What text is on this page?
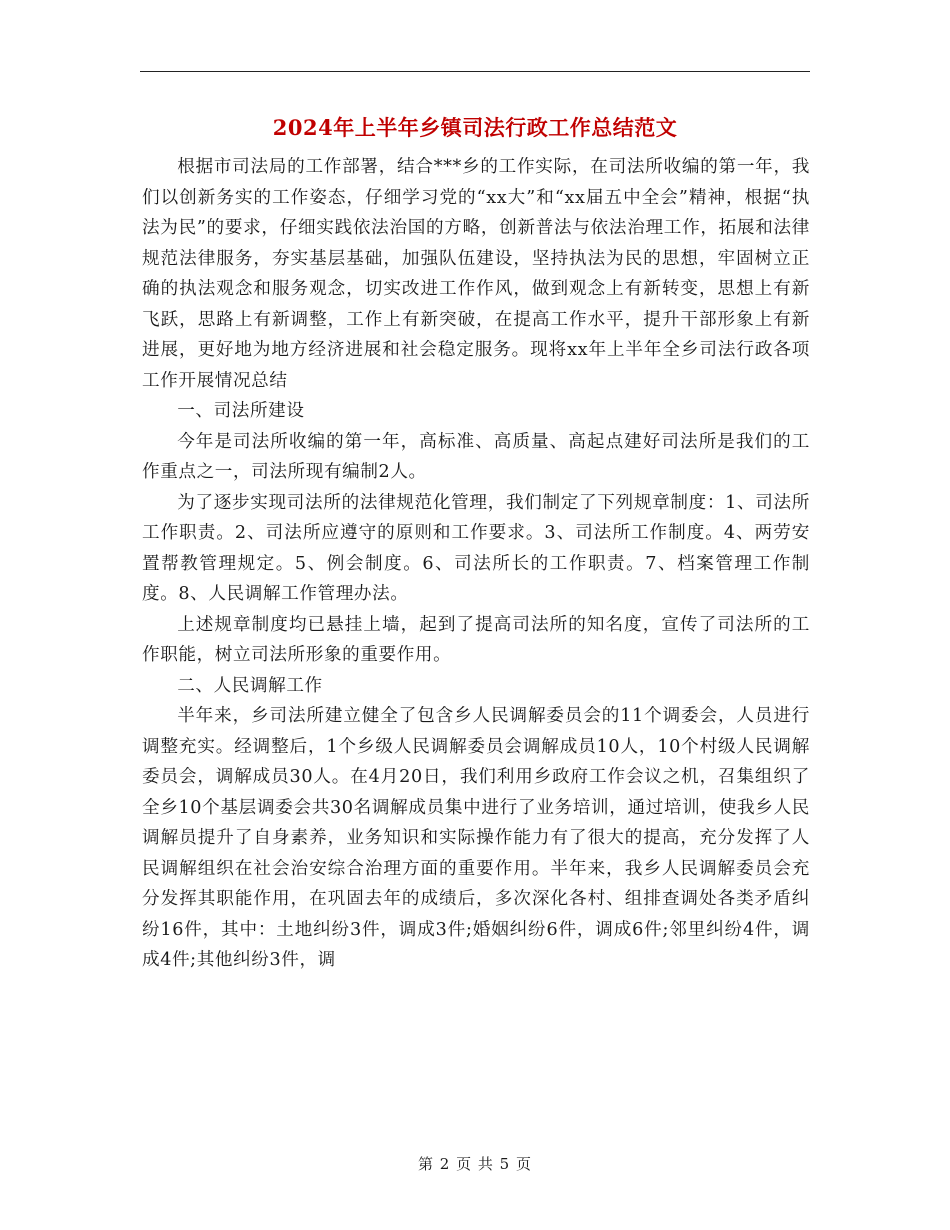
2024年上半年乡镇司法行政工作总结范文

根据市司法局的工作部署，结合***乡的工作实际，在司法所收编的第一年，我们以创新务实的工作姿态，仔细学习党的“xx大”和“xx届五中全会”精神，根据“执法为民”的要求，仔细实践依法治国的方略，创新普法与依法治理工作，拓展和法律规范法律服务，夯实基层基础，加强队伍建设，坚持执法为民的思想，牢固树立正确的执法观念和服务观念，切实改进工作作风，做到观念上有新转变，思想上有新飞跃，思路上有新调整，工作上有新突破，在提高工作水平，提升干部形象上有新进展，更好地为地方经济进展和社会稳定服务。现将xx年上半年全乡司法行政各项工作开展情况总结

一、司法所建设

今年是司法所收编的第一年，高标准、高质量、高起点建好司法所是我们的工作重点之一，司法所现有编制2人。

为了逐步实现司法所的法律规范化管理，我们制定了下列规章制度：1、司法所工作职责。2、司法所应遵守的原则和工作要求。3、司法所工作制度。4、两劳安置帮教管理规定。5、例会制度。6、司法所长的工作职责。7、档案管理工作制度。8、人民调解工作管理办法。

上述规章制度均已悬挂上墙，起到了提高司法所的知名度，宣传了司法所的工作职能，树立司法所形象的重要作用。

二、人民调解工作

半年来，乡司法所建立健全了包含乡人民调解委员会的11个调委会，人员进行调整充实。经调整后，1个乡级人民调解委员会调解成员10人，10个村级人民调解委员会，调解成员30人。在4月20日，我们利用乡政府工作会议之机，召集组织了全乡10个基层调委会共30名调解成员集中进行了业务培训，通过培训，使我乡人民调解员提升了自身素养，业务知识和实际操作能力有了很大的提高，充分发挥了人民调解组织在社会治安综合治理方面的重要作用。半年来，我乡人民调解委员会充分发挥其职能作用，在巩固去年的成绩后，多次深化各村、组排查调处各类矛盾纠纷16件，其中：土地纠纷3件，调成3件;婚姻纠纷6件，调成6件;邻里纠纷4件，调成4件;其他纠纷3件，调

第 2 页 共 5 页
